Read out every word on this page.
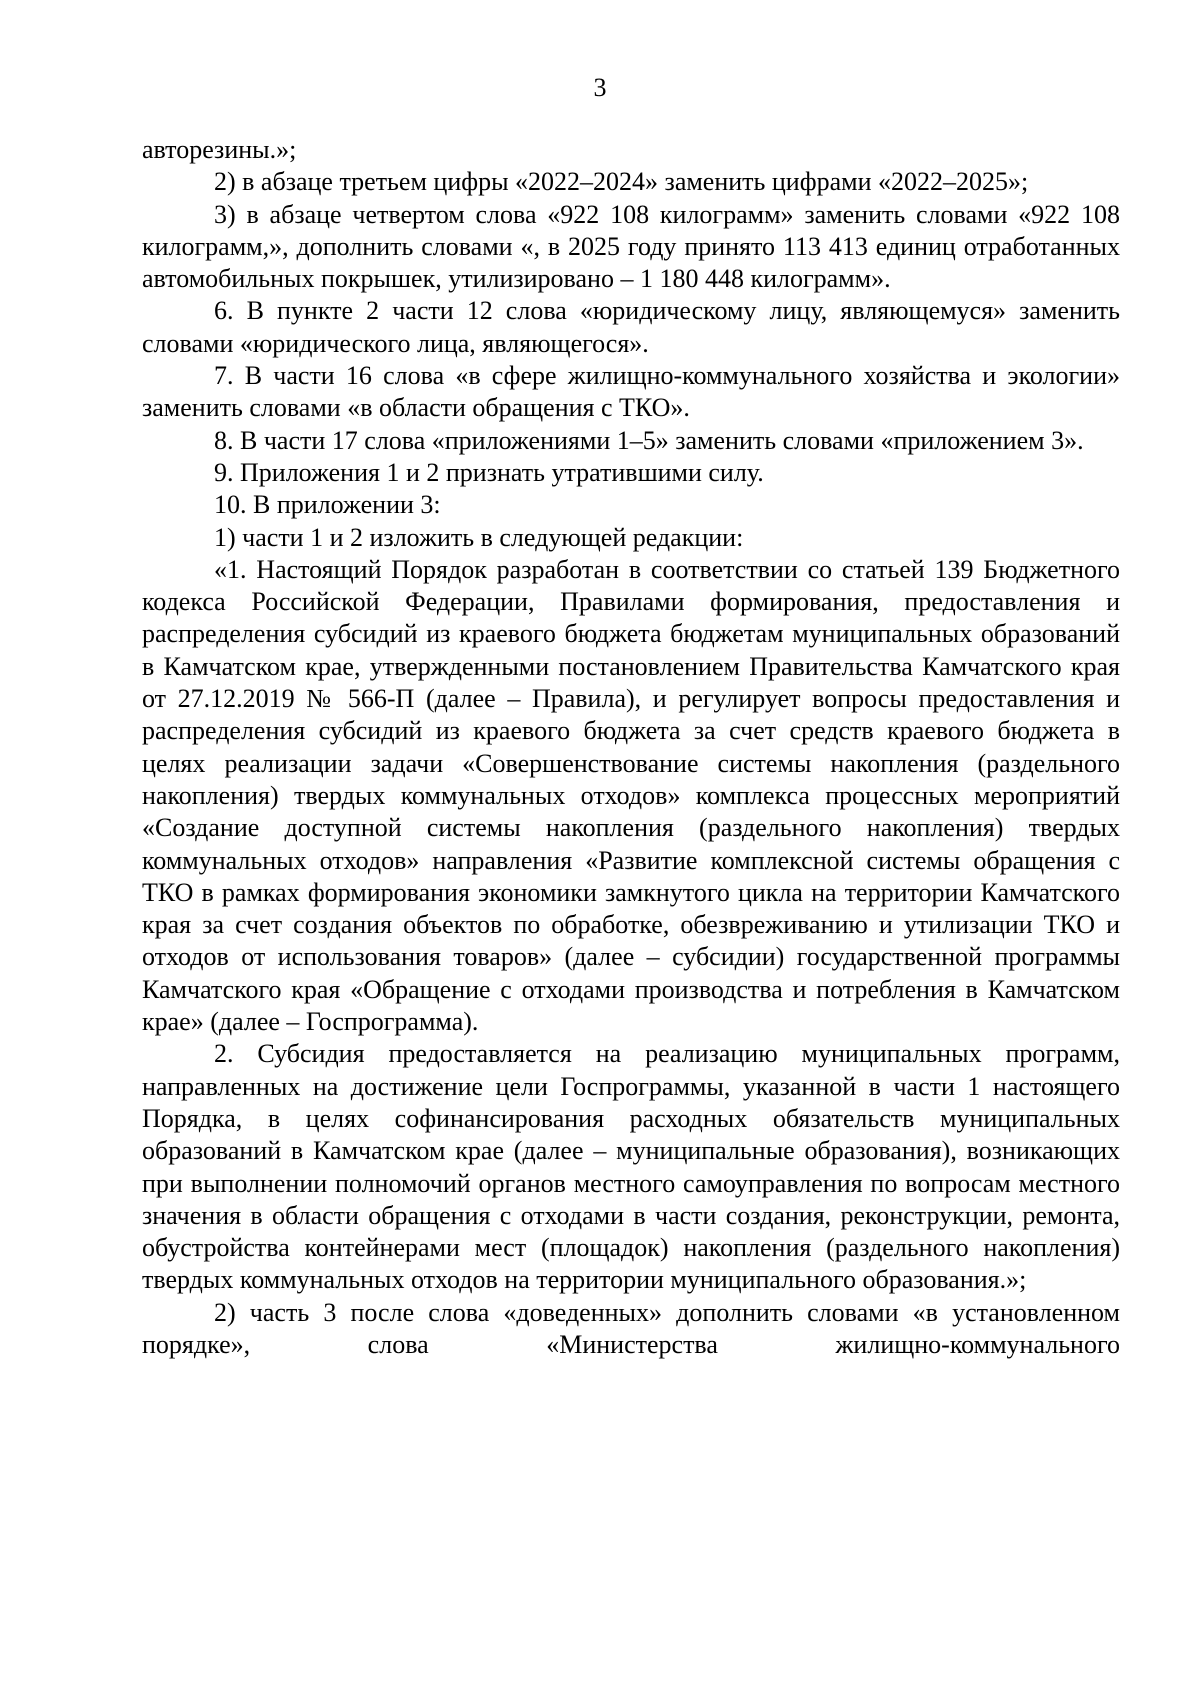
3

авторезины.»;

2) в абзаце третьем цифры «2022–2024» заменить цифрами «2022–2025»;

3) в абзаце четвертом слова «922 108 килограмм» заменить словами «922 108 килограмм,», дополнить словами «, в 2025 году принято 113 413 единиц отработанных автомобильных покрышек, утилизировано – 1 180 448 килограмм».

6. В пункте 2 части 12 слова «юридическому лицу, являющемуся» заменить словами «юридического лица, являющегося».

7. В части 16 слова «в сфере жилищно-коммунального хозяйства и экологии» заменить словами «в области обращения с ТКО».

8. В части 17 слова «приложениями 1–5» заменить словами «приложением 3».

9. Приложения 1 и 2 признать утратившими силу.

10. В приложении 3:

1) части 1 и 2 изложить в следующей редакции:

«1. Настоящий Порядок разработан в соответствии со статьей 139 Бюджетного кодекса Российской Федерации, Правилами формирования, предоставления и распределения субсидий из краевого бюджета бюджетам муниципальных образований в Камчатском крае, утвержденными постановлением Правительства Камчатского края от 27.12.2019 № 566-П (далее – Правила), и регулирует вопросы предоставления и распределения субсидий из краевого бюджета за счет средств краевого бюджета в целях реализации задачи «Совершенствование системы накопления (раздельного накопления) твердых коммунальных отходов» комплекса процессных мероприятий «Создание доступной системы накопления (раздельного накопления) твердых коммунальных отходов» направления «Развитие комплексной системы обращения с ТКО в рамках формирования экономики замкнутого цикла на территории Камчатского края за счет создания объектов по обработке, обезвреживанию и утилизации ТКО и отходов от использования товаров» (далее – субсидии) государственной программы Камчатского края «Обращение с отходами производства и потребления в Камчатском крае» (далее – Госпрограмма).

2. Субсидия предоставляется на реализацию муниципальных программ, направленных на достижение цели Госпрограммы, указанной в части 1 настоящего Порядка, в целях софинансирования расходных обязательств муниципальных образований в Камчатском крае (далее – муниципальные образования), возникающих при выполнении полномочий органов местного самоуправления по вопросам местного значения в области обращения с отходами в части создания, реконструкции, ремонта, обустройства контейнерами мест (площадок) накопления (раздельного накопления) твердых коммунальных отходов на территории муниципального образования.»;

2) часть 3 после слова «доведенных» дополнить словами «в установленном порядке», слова «Министерства жилищно-коммунального
